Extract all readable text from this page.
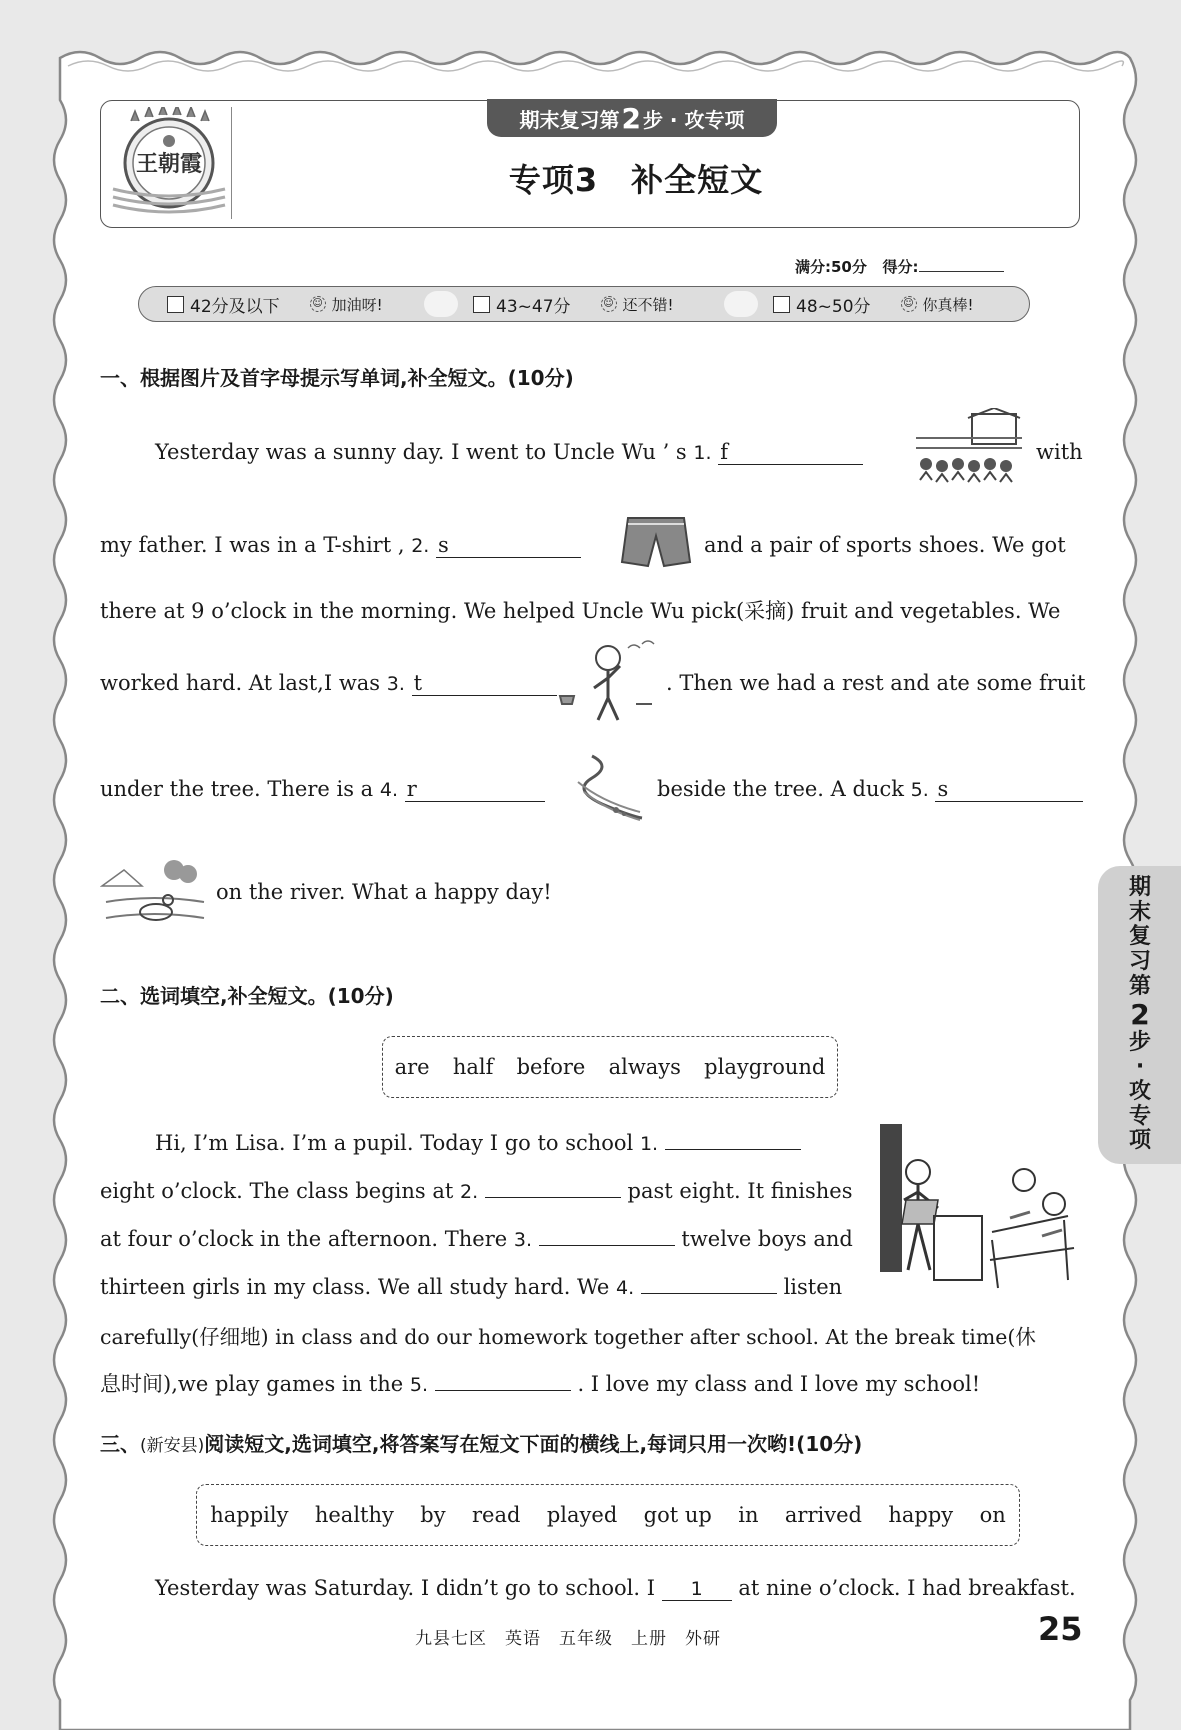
王朝霞
期末复习第 2 步 · 攻专项
专项3　补全短文
满分:50分 得分:
42分及以下	☺ 加油呀!	43~47分	☺ 还不错!	48~50分	☺ 你真棒!
一、根据图片及首字母提示写单词,补全短文。(10分)
Yesterday was a sunny day. I went to Uncle Wu ’ s 1. f	with
my father. I was in a T-shirt , 2. s	and a pair of sports shoes. We got
there at 9 o’clock in the morning. We helped Uncle Wu pick(采摘) fruit and vegetables. We
worked hard. At last,I was 3. t	. Then we had a rest and ate some fruit
under the tree. There is a 4. r	beside the tree. A duck 5. s
on the river. What a happy day!
二、选词填空,补全短文。(10分)
are half before always playground
Hi, I’m Lisa. I’m a pupil. Today I go to school 1.
eight o’clock. The class begins at 2.	past eight. It finishes
at four o’clock in the afternoon. There 3.	twelve boys and
thirteen girls in my class. We all study hard. We 4.	listen
carefully(仔细地) in class and do our homework together after school. At the break time(休
息时间),we play games in the 5.	. I love my class and I love my school!
三、(新安县)阅读短文,选词填空,将答案写在短文下面的横线上,每词只用一次哟!(10分)
happily healthy by read played got up in arrived happy on
Yesterday was Saturday. I didn’t go to school. I 1 at nine o’clock. I had breakfast.
期
末
复
习
第
2
步
·
攻
专
项
九县七区　英语　五年级　上册　外研	25
